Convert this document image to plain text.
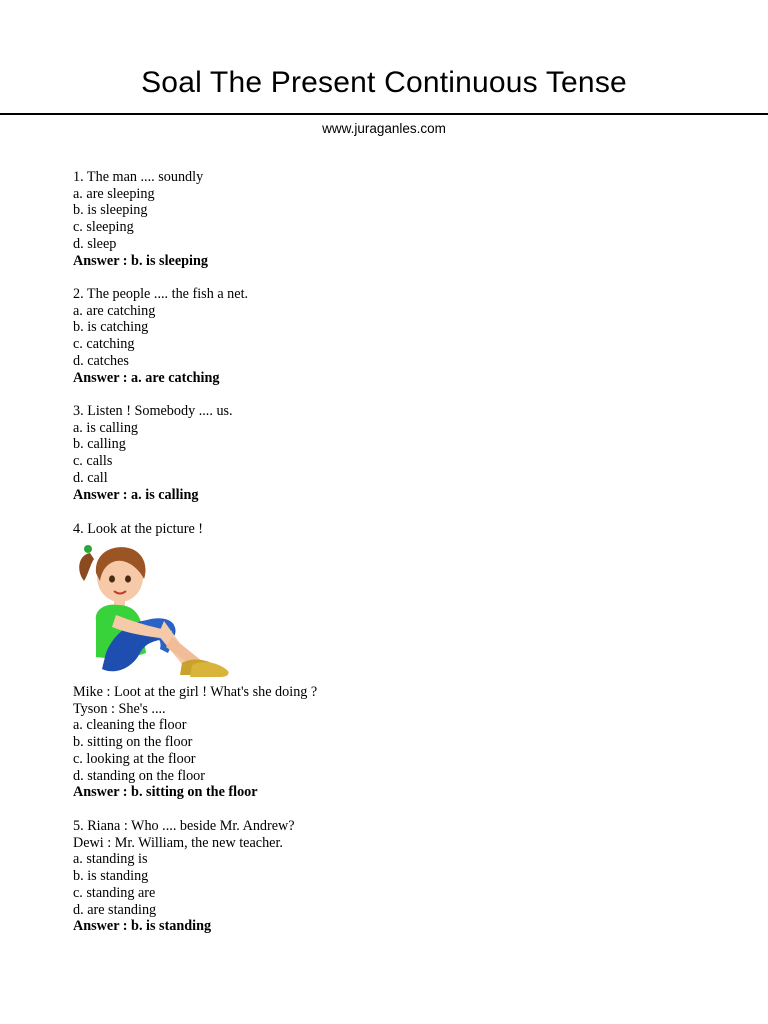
Soal The Present Continuous Tense
www.juraganles.com
1. The man .... soundly
a. are sleeping
b. is sleeping
c. sleeping
d. sleep
Answer : b. is sleeping
2. The people .... the fish a net.
a. are catching
b. is catching
c. catching
d. catches
Answer : a. are catching
3. Listen ! Somebody .... us.
a. is calling
b. calling
c. calls
d. call
Answer : a. is calling
4. Look at the picture !
Mike : Loot at the girl ! What's she doing ?
Tyson : She's ....
a. cleaning the floor
b. sitting on the floor
c. looking at the floor
d. standing on the floor
Answer : b. sitting on the floor
5. Riana : Who .... beside Mr. Andrew?
Dewi : Mr. William, the new teacher.
a. standing is
b. is standing
c. standing are
d. are standing
Answer : b. is standing
